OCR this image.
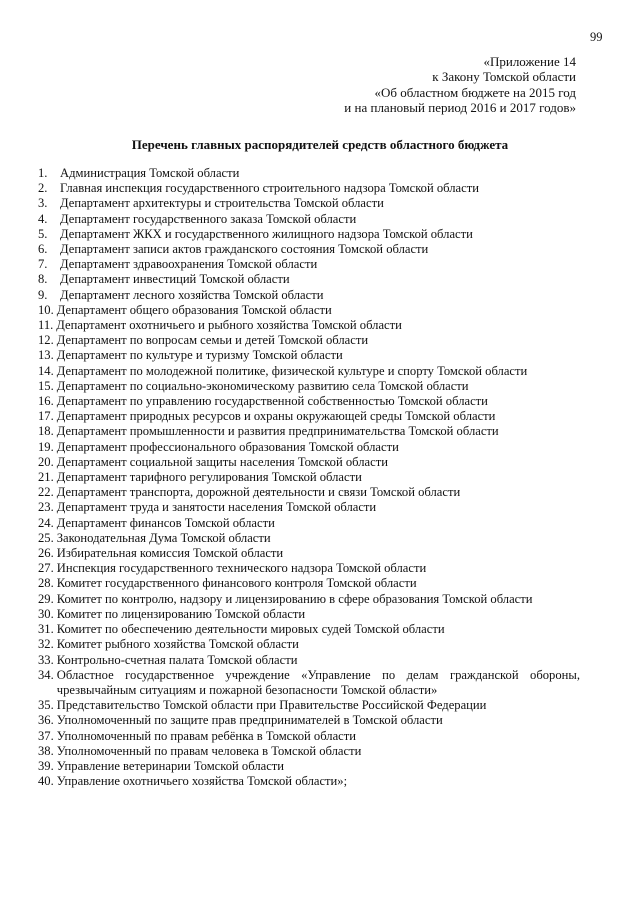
99
«Приложение 14
к Закону Томской области
«Об областном бюджете на 2015 год
и на плановый период 2016 и 2017 годов»
Перечень главных распорядителей средств областного бюджета
1. Администрация Томской области
2. Главная инспекция государственного строительного надзора Томской области
3. Департамент архитектуры и строительства Томской области
4. Департамент государственного заказа Томской области
5. Департамент ЖКХ и государственного жилищного надзора Томской области
6. Департамент записи актов гражданского состояния Томской области
7. Департамент здравоохранения Томской области
8. Департамент инвестиций Томской области
9. Департамент лесного хозяйства Томской области
10. Департамент общего образования Томской области
11. Департамент охотничьего и рыбного хозяйства Томской области
12. Департамент по вопросам семьи и детей Томской области
13. Департамент по культуре и туризму Томской области
14. Департамент по молодежной политике, физической культуре и спорту Томской области
15. Департамент по социально-экономическому развитию села Томской области
16. Департамент по управлению государственной собственностью Томской области
17. Департамент природных ресурсов и охраны окружающей среды Томской области
18. Департамент промышленности и развития предпринимательства Томской области
19. Департамент профессионального образования Томской области
20. Департамент социальной защиты населения Томской области
21. Департамент тарифного регулирования Томской области
22. Департамент транспорта, дорожной деятельности и связи Томской области
23. Департамент труда и занятости населения Томской области
24. Департамент финансов Томской области
25. Законодательная Дума Томской области
26. Избирательная комиссия Томской области
27. Инспекция государственного технического надзора Томской области
28. Комитет государственного финансового контроля Томской области
29. Комитет по контролю, надзору и лицензированию в сфере образования Томской области
30. Комитет по лицензированию Томской области
31. Комитет по обеспечению деятельности мировых судей Томской области
32. Комитет рыбного хозяйства Томской области
33. Контрольно-счетная палата Томской области
34. Областное государственное учреждение «Управление по делам гражданской обороны, чрезвычайным ситуациям и пожарной безопасности Томской области»
35. Представительство Томской области при Правительстве Российской Федерации
36. Уполномоченный по защите прав предпринимателей в Томской области
37. Уполномоченный по правам ребёнка в Томской области
38. Уполномоченный по правам человека в Томской области
39. Управление ветеринарии Томской области
40. Управление охотничьего хозяйства Томской области»;
